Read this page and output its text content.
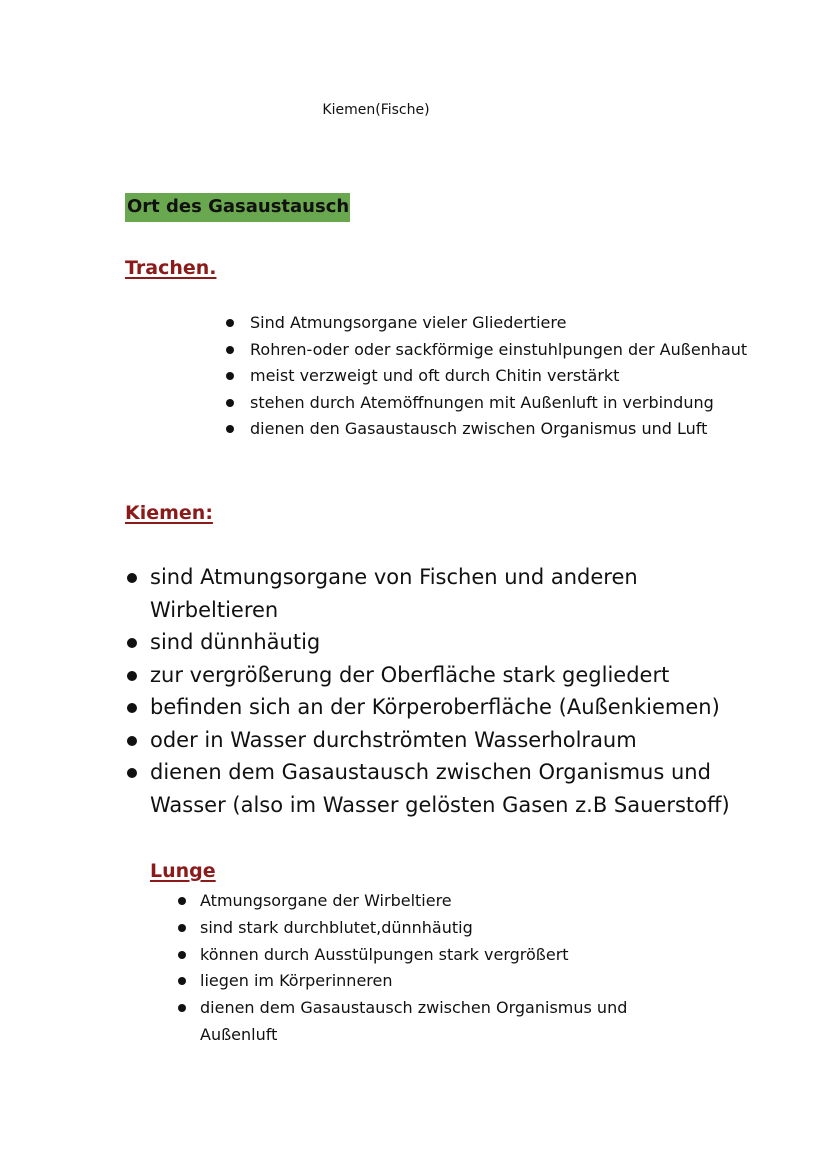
Kiemen(Fische)
Ort des Gasaustausch
Trachen.
Sind Atmungsorgane vieler Gliedertiere
Rohren-oder oder sackförmige einstuhlpungen der Außenhaut
meist verzweigt und oft durch Chitin verstärkt
stehen durch Atemöffnungen mit Außenluft in verbindung
dienen den Gasaustausch zwischen Organismus und Luft
Kiemen:
sind Atmungsorgane von Fischen und anderen Wirbeltieren
sind dünnhäutig
zur vergrößerung der Oberfläche stark gegliedert
befinden sich an der Körperoberfläche (Außenkiemen)
oder in Wasser durchströmten Wasserholraum
dienen dem Gasaustausch zwischen Organismus und Wasser (also im Wasser gelösten Gasen z.B Sauerstoff)
Lunge
Atmungsorgane der Wirbeltiere
sind stark durchblutet,dünnhäutig
können durch Ausstülpungen stark vergrößert
liegen im Körperinneren
dienen dem Gasaustausch zwischen Organismus und Außenluft
